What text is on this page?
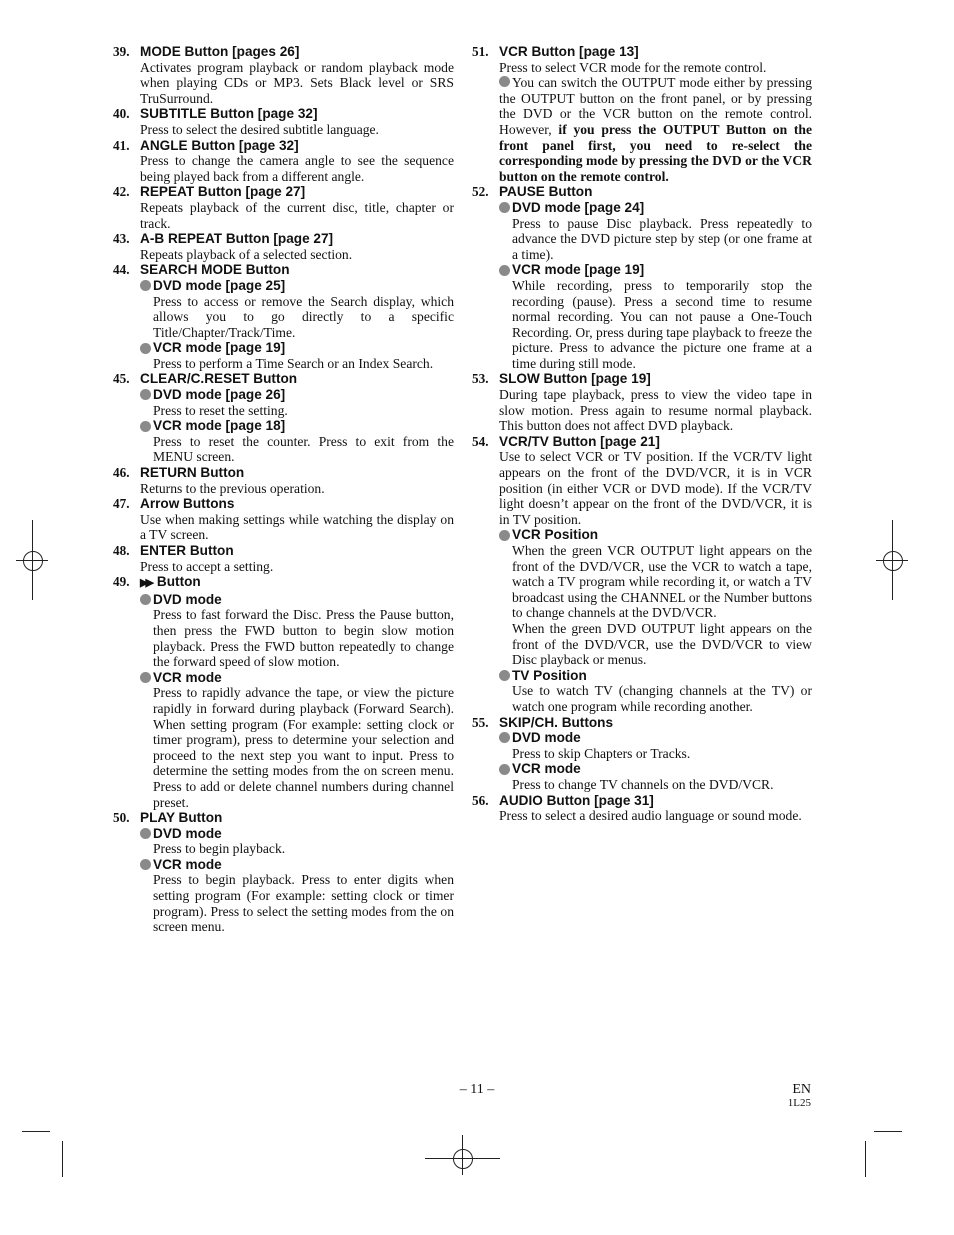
39. MODE Button [pages 26]

Activates program playback or random playback mode when playing CDs or MP3. Sets Black level or SRS TruSurround.

40. SUBTITLE Button [page 32]

Press to select the desired subtitle language.

41. ANGLE Button [page 32]

Press to change the camera angle to see the sequence being played back from a different angle.

42. REPEAT Button [page 27]

Repeats playback of the current disc, title, chapter or track.

43. A-B REPEAT Button [page 27]

Repeats playback of a selected section.

44. SEARCH MODE Button
DVD mode [page 25]

Press to access or remove the Search display, which allows you to go directly to a specific Title/Chapter/Track/Time.

VCR mode [page 19]

Press to perform a Time Search or an Index Search.

45. CLEAR/C.RESET Button
DVD mode [page 26]

Press to reset the setting.

VCR mode [page 18]

Press to reset the counter. Press to exit from the MENU screen.

46. RETURN Button

Returns to the previous operation.

47. Arrow Buttons

Use when making settings while watching the display on a TV screen.

48. ENTER Button

Press to accept a setting.

49. ▶▶ Button
DVD mode

Press to fast forward the Disc. Press the Pause button, then press the FWD button to begin slow motion playback. Press the FWD button repeatedly to change the forward speed of slow motion.

VCR mode

Press to rapidly advance the tape, or view the picture rapidly in forward during playback (Forward Search). When setting program (For example: setting clock or timer program), press to determine your selection and proceed to the next step you want to input. Press to determine the setting modes from the on screen menu. Press to add or delete channel numbers during channel preset.

50. PLAY Button
DVD mode

Press to begin playback.

VCR mode

Press to begin playback. Press to enter digits when setting program (For example: setting clock or timer program). Press to select the setting modes from the on screen menu.

51. VCR Button [page 13]

Press to select VCR mode for the remote control.

You can switch the OUTPUT mode either by pressing the OUTPUT button on the front panel, or by pressing the DVD or the VCR button on the remote control. However, if you press the OUTPUT Button on the front panel first, you need to re-select the corresponding mode by pressing the DVD or the VCR button on the remote control.

52. PAUSE Button
DVD mode [page 24]

Press to pause Disc playback. Press repeatedly to advance the DVD picture step by step (or one frame at a time).

VCR mode [page 19]

While recording, press to temporarily stop the recording (pause). Press a second time to resume normal recording. You can not pause a One-Touch Recording. Or, press during tape playback to freeze the picture. Press to advance the picture one frame at a time during still mode.

53. SLOW Button [page 19]

During tape playback, press to view the video tape in slow motion. Press again to resume normal playback. This button does not affect DVD playback.

54. VCR/TV Button [page 21]

Use to select VCR or TV position. If the VCR/TV light appears on the front of the DVD/VCR, it is in VCR position (in either VCR or DVD mode). If the VCR/TV light doesn’t appear on the front of the DVD/VCR, it is in TV position.

VCR Position

When the green VCR OUTPUT light appears on the front of the DVD/VCR, use the VCR to watch a tape, watch a TV program while recording it, or watch a TV broadcast using the CHANNEL or the Number buttons to change channels at the DVD/VCR.

When the green DVD OUTPUT light appears on the front of the DVD/VCR, use the DVD/VCR to view Disc playback or menus.

TV Position

Use to watch TV (changing channels at the TV) or watch one program while recording another.

55. SKIP/CH. Buttons
DVD mode

Press to skip Chapters or Tracks.

VCR mode

Press to change TV channels on the DVD/VCR.

56. AUDIO Button [page 31]

Press to select a desired audio language or sound mode.

– 11 –	EN
1L25
